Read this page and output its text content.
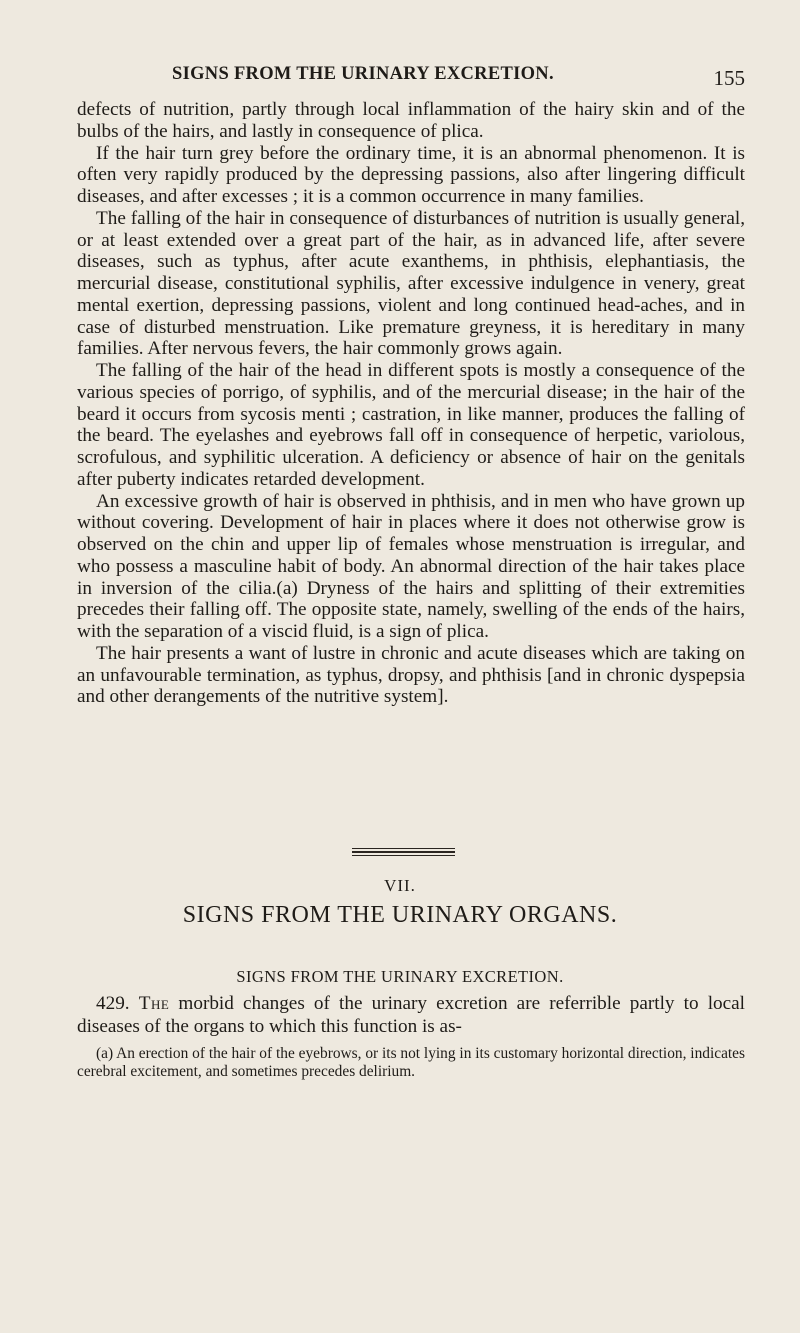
SIGNS FROM THE URINARY EXCRETION.	155

defects of nutrition, partly through local inflammation of the hairy skin and of the bulbs of the hairs, and lastly in consequence of plica.

If the hair turn grey before the ordinary time, it is an abnormal phenomenon. It is often very rapidly produced by the depressing passions, also after lingering difficult diseases, and after excesses ; it is a common occurrence in many families.

The falling of the hair in consequence of disturbances of nutrition is usually general, or at least extended over a great part of the hair, as in advanced life, after severe diseases, such as typhus, after acute exanthems, in phthisis, elephantiasis, the mercurial disease, constitutional syphilis, after excessive indulgence in venery, great mental exertion, depressing passions, violent and long continued head-aches, and in case of disturbed menstruation. Like premature greyness, it is hereditary in many families. After nervous fevers, the hair commonly grows again.

The falling of the hair of the head in different spots is mostly a consequence of the various species of porrigo, of syphilis, and of the mercurial disease; in the hair of the beard it occurs from sycosis menti ; castration, in like manner, produces the falling of the beard. The eyelashes and eyebrows fall off in consequence of herpetic, variolous, scrofulous, and syphilitic ulceration. A deficiency or absence of hair on the genitals after puberty indicates retarded development.

An excessive growth of hair is observed in phthisis, and in men who have grown up without covering. Development of hair in places where it does not otherwise grow is observed on the chin and upper lip of females whose menstruation is irregular, and who possess a masculine habit of body. An abnormal direction of the hair takes place in inversion of the cilia.(a) Dryness of the hairs and splitting of their extremities precedes their falling off. The opposite state, namely, swelling of the ends of the hairs, with the separation of a viscid fluid, is a sign of plica.

The hair presents a want of lustre in chronic and acute diseases which are taking on an unfavourable termination, as typhus, dropsy, and phthisis [and in chronic dyspepsia and other derangements of the nutritive system].

VII.
SIGNS FROM THE URINARY ORGANS.
SIGNS FROM THE URINARY EXCRETION.

429. The morbid changes of the urinary excretion are referrible partly to local diseases of the organs to which this function is as-

(a) An erection of the hair of the eyebrows, or its not lying in its customary horizontal direction, indicates cerebral excitement, and sometimes precedes delirium.
